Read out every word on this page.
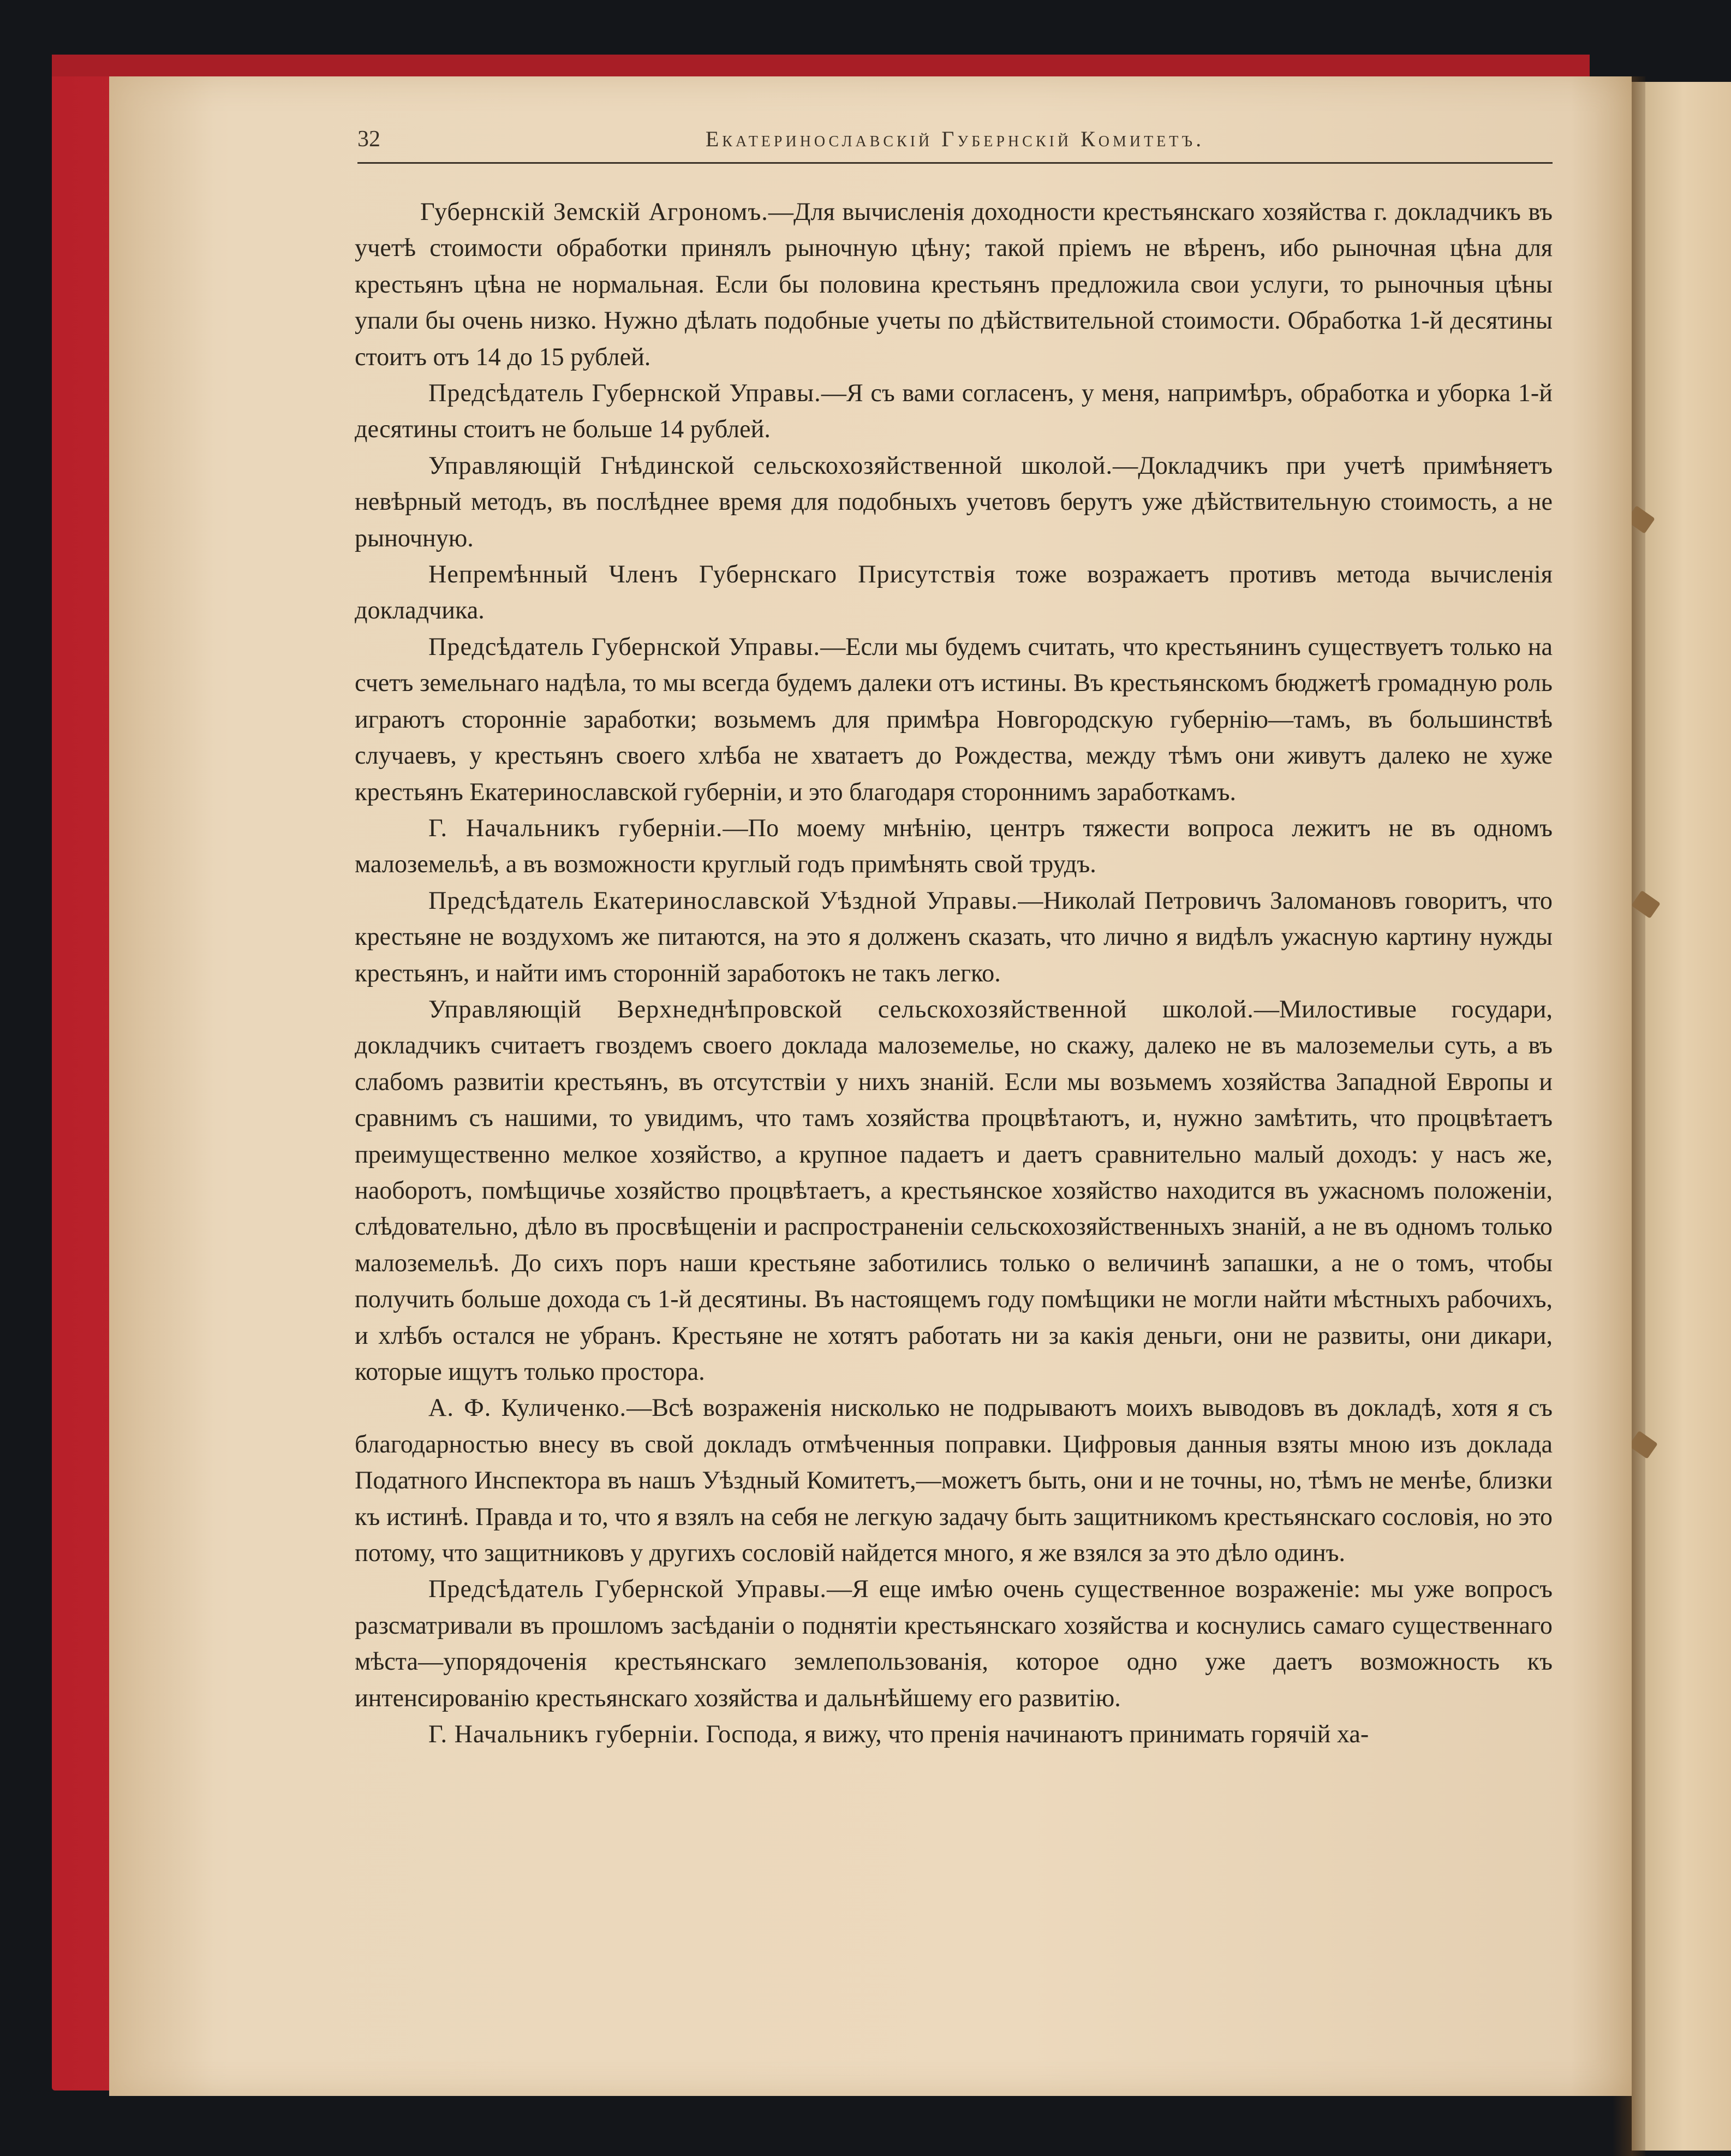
32	Екатеринославскій Губернскій Комитетъ.

Губернскій Земскій Агрономъ.—Для вычисленія доходности крестьянскаго хозяйства г. докладчикъ въ учетѣ стоимости обработки принялъ рыночную цѣну; такой пріемъ не вѣренъ, ибо рыночная цѣна для крестьянъ цѣна не нормальная. Если бы половина крестьянъ предложила свои услуги, то рыночныя цѣны упали бы очень низко. Нужно дѣлать подобные учеты по дѣйствительной стоимости. Обработка 1-й десятины стоитъ отъ 14 до 15 рублей.

Предсѣдатель Губернской Управы.—Я съ вами согласенъ, у меня, напримѣръ, обработка и уборка 1-й десятины стоитъ не больше 14 рублей.

Управляющій Гнѣдинской сельскохозяйственной школой.—Докладчикъ при учетѣ примѣняетъ невѣрный методъ, въ послѣднее время для подобныхъ учетовъ берутъ уже дѣйствительную стоимость, а не рыночную.

Непремѣнный Членъ Губернскаго Присутствія тоже возражаетъ противъ метода вычисленія докладчика.

Предсѣдатель Губернской Управы.—Если мы будемъ считать, что крестьянинъ существуетъ только на счетъ земельнаго надѣла, то мы всегда будемъ далеки отъ истины. Въ крестьянскомъ бюджетѣ громадную роль играютъ сторонніе заработки; возьмемъ для примѣра Новгородскую губернію—тамъ, въ большинствѣ случаевъ, у крестьянъ своего хлѣба не хватаетъ до Рождества, между тѣмъ они живутъ далеко не хуже крестьянъ Екатеринославской губерніи, и это благодаря стороннимъ заработкамъ.

Г. Начальникъ губерніи.—По моему мнѣнію, центръ тяжести вопроса лежитъ не въ одномъ малоземельѣ, а въ возможности круглый годъ примѣнять свой трудъ.

Предсѣдатель Екатеринославской Уѣздной Управы.—Николай Петровичъ Заломановъ говоритъ, что крестьяне не воздухомъ же питаются, на это я долженъ сказать, что лично я видѣлъ ужасную картину нужды крестьянъ, и найти имъ сторонній заработокъ не такъ легко.

Управляющій Верхнеднѣпровской сельскохозяйственной школой.—Милостивые государи, докладчикъ считаетъ гвоздемъ своего доклада малоземелье, но скажу, далеко не въ малоземельи суть, а въ слабомъ развитіи крестьянъ, въ отсутствіи у нихъ знаній. Если мы возьмемъ хозяйства Западной Европы и сравнимъ съ нашими, то увидимъ, что тамъ хозяйства процвѣтаютъ, и, нужно замѣтить, что процвѣтаетъ преимущественно мелкое хозяйство, а крупное падаетъ и даетъ сравнительно малый доходъ: у насъ же, наоборотъ, помѣщичье хозяйство процвѣтаетъ, а крестьянское хозяйство находится въ ужасномъ положеніи, слѣдовательно, дѣло въ просвѣщеніи и распространеніи сельскохозяйственныхъ знаній, а не въ одномъ только малоземельѣ. До сихъ поръ наши крестьяне заботились только о величинѣ запашки, а не о томъ, чтобы получить больше дохода съ 1-й десятины. Въ настоящемъ году помѣщики не могли найти мѣстныхъ рабочихъ, и хлѣбъ остался не убранъ. Крестьяне не хотятъ работать ни за какія деньги, они не развиты, они дикари, которые ищутъ только простора.

А. Ф. Куличенко.—Всѣ возраженія нисколько не подрываютъ моихъ выводовъ въ докладѣ, хотя я съ благодарностью внесу въ свой докладъ отмѣченныя поправки. Цифровыя данныя взяты мною изъ доклада Податного Инспектора въ нашъ Уѣздный Комитетъ,—можетъ быть, они и не точны, но, тѣмъ не менѣе, близки къ истинѣ. Правда и то, что я взялъ на себя не легкую задачу быть защитникомъ крестьянскаго сословія, но это потому, что защитниковъ у другихъ сословій найдется много, я же взялся за это дѣло одинъ.

Предсѣдатель Губернской Управы.—Я еще имѣю очень существенное возраженіе: мы уже вопросъ разсматривали въ прошломъ засѣданіи о поднятіи крестьянскаго хозяйства и коснулись самаго существеннаго мѣста—упорядоченія крестьянскаго землепользованія, которое одно уже даетъ возможность къ интенсированію крестьянскаго хозяйства и дальнѣйшему его развитію.

Г. Начальникъ губерніи. Господа, я вижу, что пренія начинаютъ принимать горячій ха-
